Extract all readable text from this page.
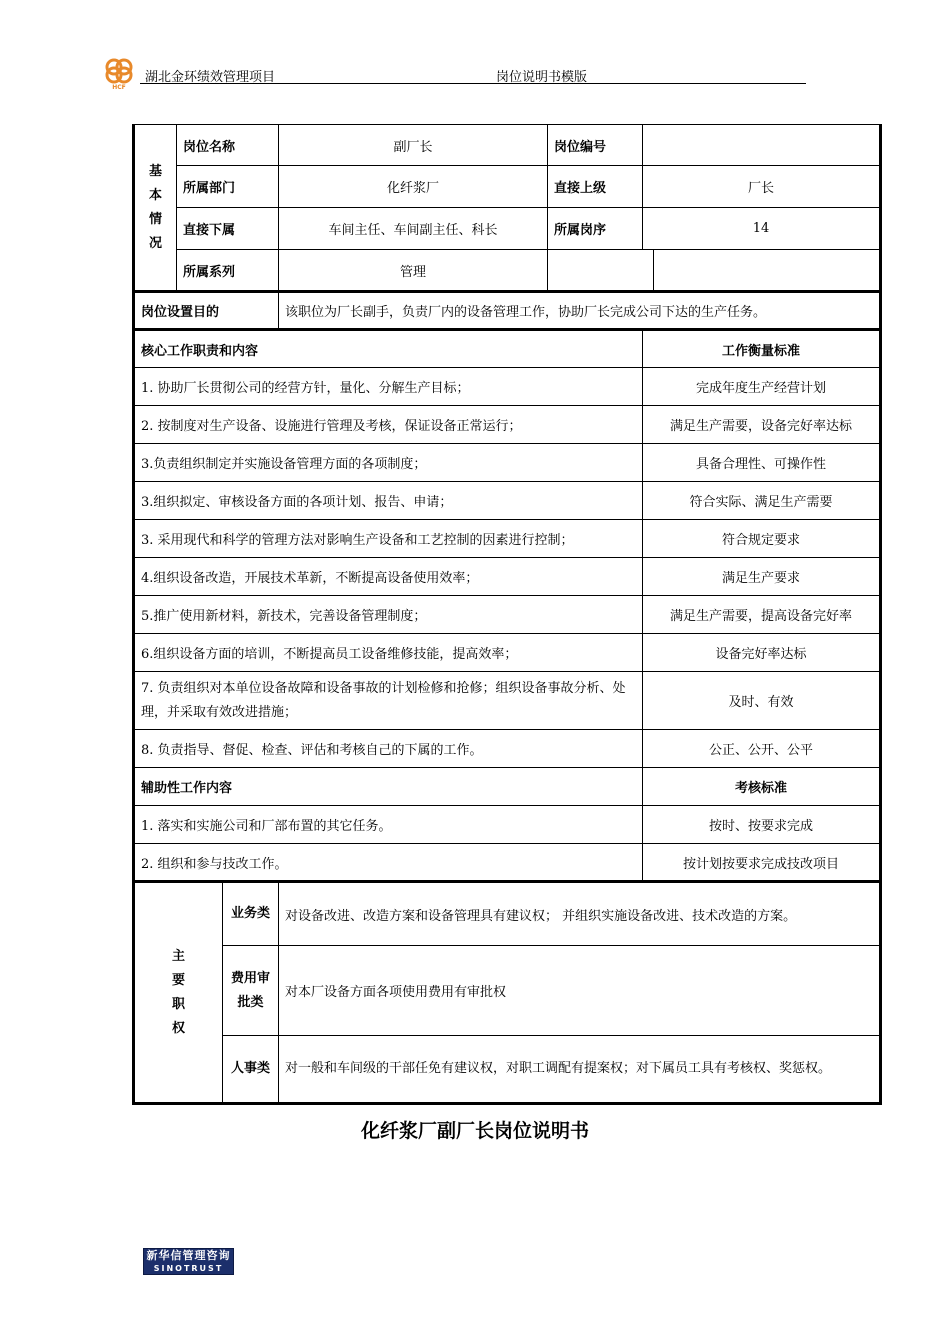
HCF
湖北金环绩效管理项目	岗位说明书模版
基
本
情
况	岗位名称		副厂长	岗位编号		
	所属部门		化纤浆厂	直接上级	厂长	
	直接下属		车间主任、车间副主任、科长	所属岗序	14	
	所属系列		管理			
岗位设置目的			该职位为厂长副手，负责厂内的设备管理工作，协助厂长完成公司下达的生产任务。			
核心工作职责和内容					工作衡量标准	
1. 协助厂长贯彻公司的经营方针，量化、分解生产目标；					完成年度生产经营计划	
2. 按制度对生产设备、设施进行管理及考核，保证设备正常运行；					满足生产需要，设备完好率达标	
3.负责组织制定并实施设备管理方面的各项制度；					具备合理性、可操作性	
3.组织拟定、审核设备方面的各项计划、报告、申请；					符合实际、满足生产需要	
3. 采用现代和科学的管理方法对影响生产设备和工艺控制的因素进行控制；					符合规定要求	
4.组织设备改造，开展技术革新，不断提高设备使用效率；					满足生产要求	
5.推广使用新材料，新技术，完善设备管理制度；					满足生产需要，提高设备完好率	
6.组织设备方面的培训，不断提高员工设备维修技能，提高效率；					设备完好率达标	
7. 负责组织对本单位设备故障和设备事故的计划检修和抢修；组织设备事故分析、处理，并采取有效改进措施；					及时、有效	
8. 负责指导、督促、检查、评估和考核自己的下属的工作。					公正、公开、公平	
辅助性工作内容					考核标准	
1. 落实和实施公司和厂部布置的其它任务。					按时、按要求完成	
2. 组织和参与技改工作。					按计划按要求完成技改项目	
主
要
职
权		业务类	对设备改进、改造方案和设备管理具有建议权； 并组织实施设备改进、技术改造的方案。			
		费用审批类	对本厂设备方面各项使用费用有审批权			
		人事类	对一般和车间级的干部任免有建议权，对职工调配有提案权；对下属员工具有考核权、奖惩权。			
化纤浆厂副厂长岗位说明书
新华信管理咨询
SINOTRUST
